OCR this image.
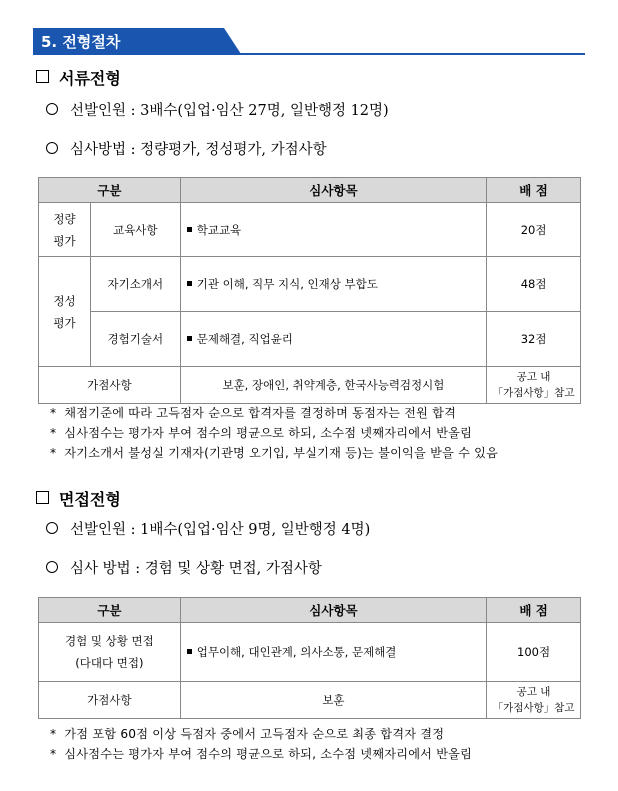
5. 전형절차
서류전형
선발인원 : 3배수(입업·임산 27명, 일반행정 12명)
심사방법 : 정량평가, 정성평가, 가점사항
구분		심사항목	배 점
정량
평가	교육사항	학교교육	20점
정성
평가	자기소개서	기관 이해, 직무 지식, 인재상 부합도	48점
	경험기술서	문제해결, 직업윤리	32점
가점사항		보훈, 장애인, 취약계층, 한국사능력검정시험	공고 내
「가점사항」참고
* 채점기준에 따라 고득점자 순으로 합격자를 결정하며 동점자는 전원 합격
* 심사점수는 평가자 부여 점수의 평균으로 하되, 소수점 넷째자리에서 반올림
* 자기소개서 불성실 기재자(기관명 오기입, 부실기재 등)는 불이익을 받을 수 있음
면접전형
선발인원 : 1배수(입업·임산 9명, 일반행정 4명)
심사 방법 : 경험 및 상황 면접, 가점사항
구분	심사항목	배 점

경험 및 상황 면접
(다대다 면접)	업무이해, 대인관계, 의사소통, 문제해결	100점
가점사항	보훈	공고 내
「가점사항」참고
* 가점 포함 60점 이상 득점자 중에서 고득점자 순으로 최종 합격자 결정
* 심사점수는 평가자 부여 점수의 평균으로 하되, 소수점 넷째자리에서 반올림
